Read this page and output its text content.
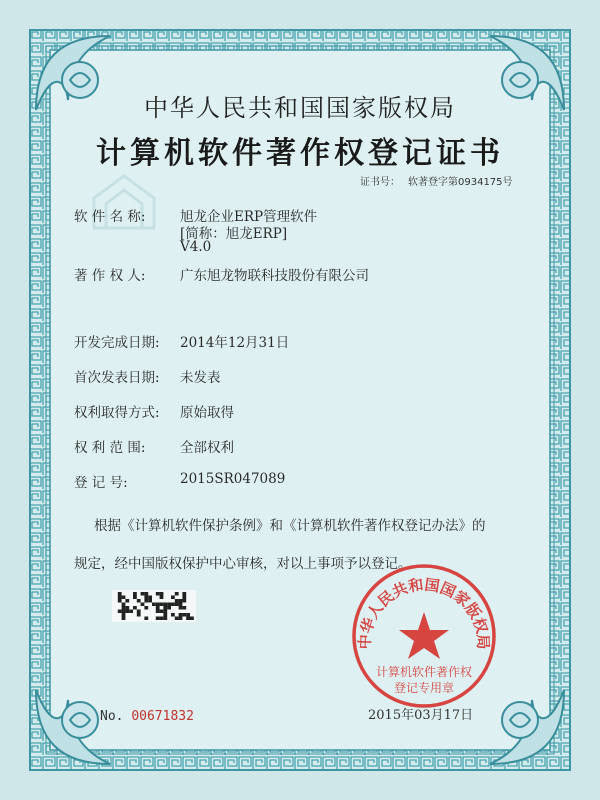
中华人民共和国国家版权局
计算机软件著作权登记证书
证书号： 软著登字第0934175号
软 件 名 称:	旭龙企业ERP管理软件
[简称：旭龙ERP]
V4.0
著 作 权 人:	广东旭龙物联科技股份有限公司
开发完成日期: 2014年12月31日
首次发表日期: 未发表
权利取得方式: 原始取得
权 利 范 围:	全部权利
登 记 号:	2015SR047089
根据《计算机软件保护条例》和《计算机软件著作权登记办法》的
规定，经中国版权保护中心审核，对以上事项予以登记。
No. 00671832	2015年03月17日
中华人民共和国国家版权局
计算机软件著作权
登记专用章
